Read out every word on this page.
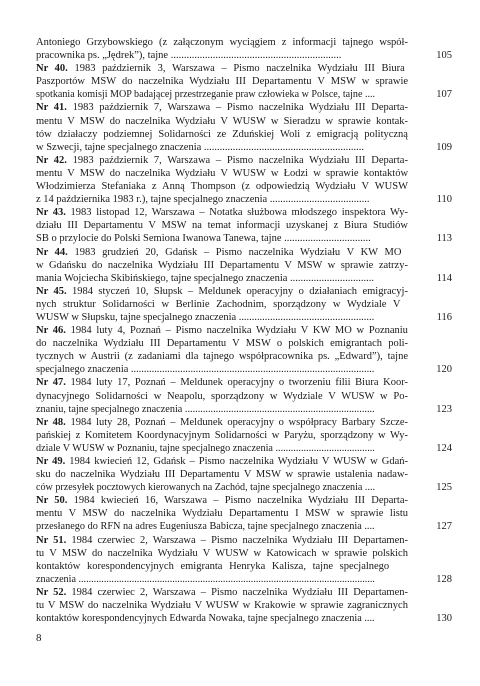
Antoniego Grzybowskiego (z załączonym wyciągiem z informacji tajnego współ-
pracownika ps. „Jędrek”), tajne .................................................................	105
Nr 40. 1983 październik 3, Warszawa – Pismo naczelnika Wydziału III Biura
Paszportów MSW do naczelnika Wydziału III Departamentu V MSW w sprawie
spotkania komisji MOP badającej przestrzeganie praw człowieka w Polsce, tajne ....	107
Nr 41. 1983 październik 7, Warszawa – Pismo naczelnika Wydziału III Departa-
mentu V MSW do naczelnika Wydziału V WUSW w Sieradzu w sprawie kontak-
tów działaczy podziemnej Solidarności ze Zduńskiej Woli z emigracją polityczną
w Szwecji, tajne specjalnego znaczenia .............................................................	109
Nr 42. 1983 październik 7, Warszawa – Pismo naczelnika Wydziału III Departa-
mentu V MSW do naczelnika Wydziału V WUSW w Łodzi w sprawie kontaktów
Włodzimierza Stefaniaka z Anną Thompson (z odpowiedzią Wydziału V WUSW
z 14 października 1983 r.), tajne specjalnego znaczenia ......................................	110
Nr 43. 1983 listopad 12, Warszawa – Notatka służbowa młodszego inspektora Wy-
działu III Departamentu V MSW na temat informacji uzyskanej z Biura Studiów
SB o przylocie do Polski Semiona Iwanowa Tanewa, tajne .................................	113
Nr 44. 1983 grudzień 20, Gdańsk – Pismo naczelnika Wydziału V KW MO
w Gdańsku do naczelnika Wydziału III Departamentu V MSW w sprawie zatrzy-
mania Wojciecha Skibińskiego, tajne specjalnego znaczenia ................................	114
Nr 45. 1984 styczeń 10, Słupsk – Meldunek operacyjny o działaniach emigracyj-
nych struktur Solidarności w Berlinie Zachodnim, sporządzony w Wydziale V
WUSW w Słupsku, tajne specjalnego znaczenia ....................................................	116
Nr 46. 1984 luty 4, Poznań – Pismo naczelnika Wydziału V KW MO w Poznaniu
do naczelnika Wydziału III Departamentu V MSW o polskich emigrantach poli-
tycznych w Austrii (z zadaniami dla tajnego współpracownika ps. „Edward”), tajne
specjalnego znaczenia ..............................................................................................	120
Nr 47. 1984 luty 17, Poznań – Meldunek operacyjny o tworzeniu filii Biura Koor-
dynacyjnego Solidarności w Neapolu, sporządzony w Wydziale V WUSW w Po-
znaniu, tajne specjalnego znaczenia ..........................................................................	123
Nr 48. 1984 luty 28, Poznań – Meldunek operacyjny o współpracy Barbary Szcze-
pańskiej z Komitetem Koordynacyjnym Solidarności w Paryżu, sporządzony w Wy-
dziale V WUSW w Poznaniu, tajne specjalnego znaczenia .......................................	124
Nr 49. 1984 kwiecień 12, Gdańsk – Pismo naczelnika Wydziału V WUSW w Gdań-
sku do naczelnika Wydziału III Departamentu V MSW w sprawie ustalenia nadaw-
ców przesyłek pocztowych kierowanych na Zachód, tajne specjalnego znaczenia ....	125
Nr 50. 1984 kwiecień 16, Warszawa – Pismo naczelnika Wydziału III Departa-
mentu V MSW do naczelnika Wydziału Departamentu I MSW w sprawie listu
przesłanego do RFN na adres Eugeniusza Babicza, tajne specjalnego znaczenia ....	127
Nr 51. 1984 czerwiec 2, Warszawa – Pismo naczelnika Wydziału III Departamen-
tu V MSW do naczelnika Wydziału V WUSW w Katowicach w sprawie polskich
kontaktów korespondencyjnych emigranta Henryka Kalisza, tajne specjalnego
znaczenia .....................................................................................................................	128
Nr 52. 1984 czerwiec 2, Warszawa – Pismo naczelnika Wydziału III Departamen-
tu V MSW do naczelnika Wydziału V WUSW w Krakowie w sprawie zagranicznych
kontaktów korespondencyjnych Edwarda Nowaka, tajne specjalnego znaczenia ....	130
8
